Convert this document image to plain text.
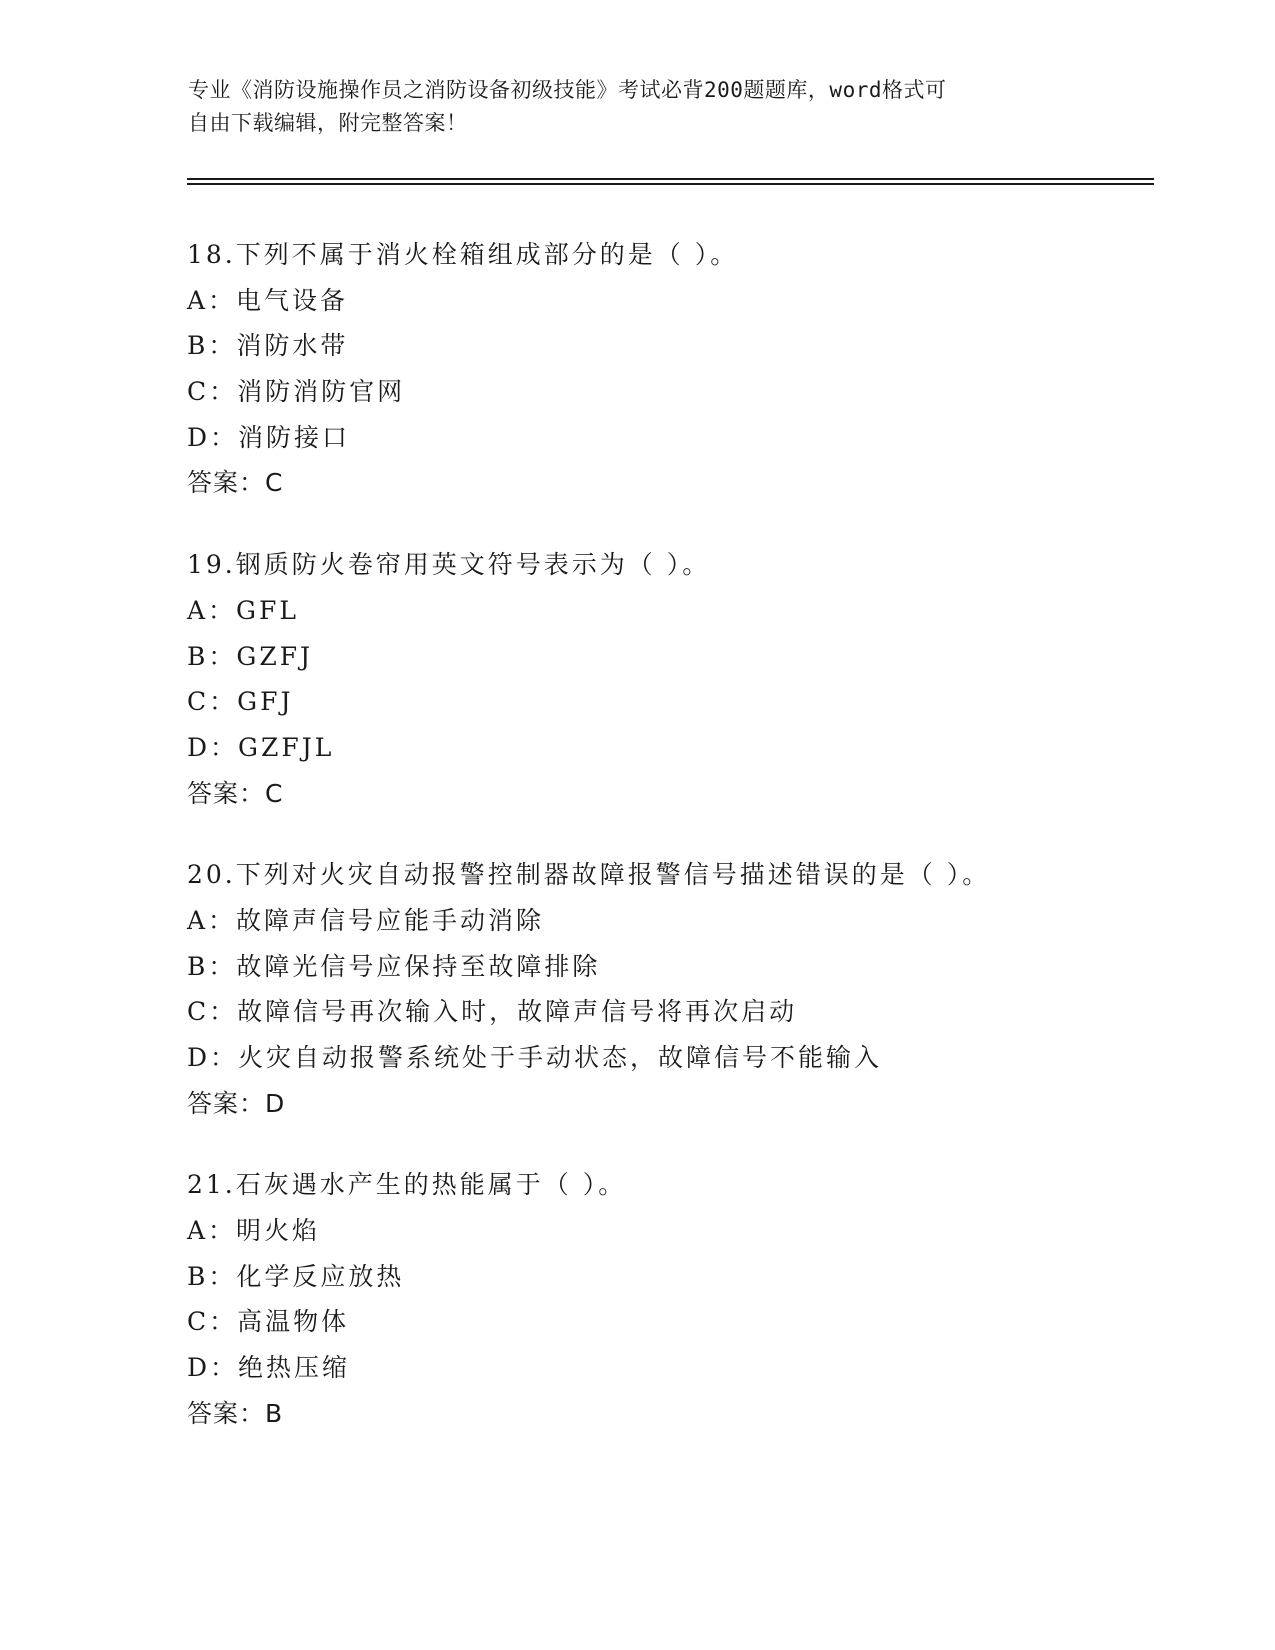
专业《消防设施操作员之消防设备初级技能》考试必背200题题库，word格式可
自由下载编辑，附完整答案！
18.下列不属于消火栓箱组成部分的是（ ）。
A：电气设备
B：消防水带
C：消防消防官网
D：消防接口
答案：C
19.钢质防火卷帘用英文符号表示为（ ）。
A：GFL
B：GZFJ
C：GFJ
D：GZFJL
答案：C
20.下列对火灾自动报警控制器故障报警信号描述错误的是（ ）。
A：故障声信号应能手动消除
B：故障光信号应保持至故障排除
C：故障信号再次输入时，故障声信号将再次启动
D：火灾自动报警系统处于手动状态，故障信号不能输入
答案：D
21.石灰遇水产生的热能属于（ ）。
A：明火焰
B：化学反应放热
C：高温物体
D：绝热压缩
答案：B
